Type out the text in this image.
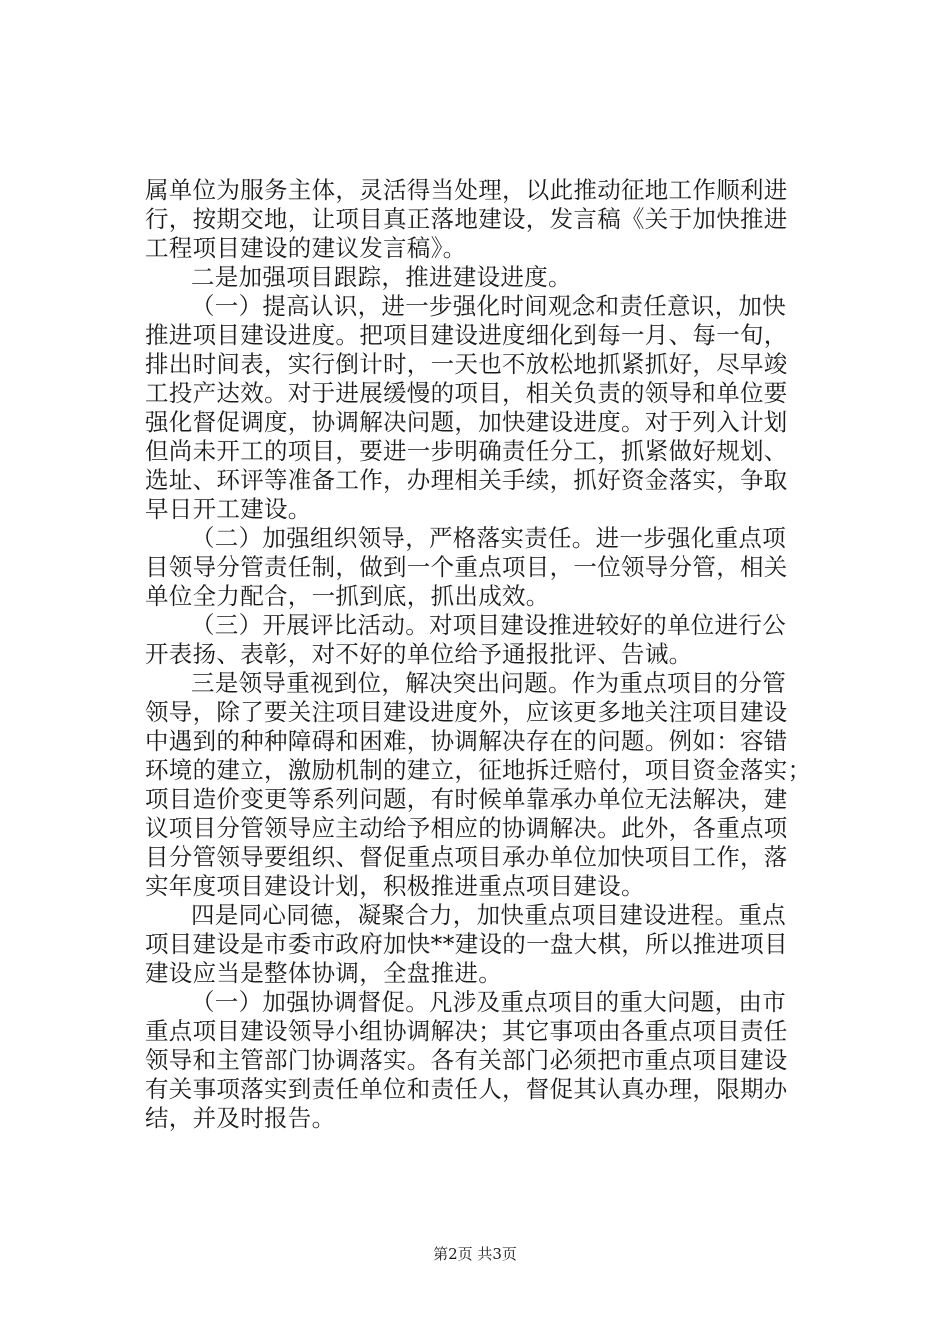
属单位为服务主体，灵活得当处理，以此推动征地工作顺利进
行，按期交地，让项目真正落地建设，发言稿《关于加快推进
工程项目建设的建议发言稿》。
二是加强项目跟踪，推进建设进度。
（一）提高认识，进一步强化时间观念和责任意识，加快
推进项目建设进度。把项目建设进度细化到每一月、每一旬，
排出时间表，实行倒计时，一天也不放松地抓紧抓好，尽早竣
工投产达效。对于进展缓慢的项目，相关负责的领导和单位要
强化督促调度，协调解决问题，加快建设进度。对于列入计划
但尚未开工的项目，要进一步明确责任分工，抓紧做好规划、
选址、环评等准备工作，办理相关手续，抓好资金落实，争取
早日开工建设。
（二）加强组织领导，严格落实责任。进一步强化重点项
目领导分管责任制，做到一个重点项目，一位领导分管，相关
单位全力配合，一抓到底，抓出成效。
（三）开展评比活动。对项目建设推进较好的单位进行公
开表扬、表彰，对不好的单位给予通报批评、告诫。
三是领导重视到位，解决突出问题。作为重点项目的分管
领导，除了要关注项目建设进度外，应该更多地关注项目建设
中遇到的种种障碍和困难，协调解决存在的问题。例如：容错
环境的建立，激励机制的建立，征地拆迁赔付，项目资金落实；
项目造价变更等系列问题，有时候单靠承办单位无法解决，建
议项目分管领导应主动给予相应的协调解决。此外，各重点项
目分管领导要组织、督促重点项目承办单位加快项目工作，落
实年度项目建设计划，积极推进重点项目建设。
四是同心同德，凝聚合力，加快重点项目建设进程。重点
项目建设是市委市政府加快**建设的一盘大棋，所以推进项目
建设应当是整体协调，全盘推进。
（一）加强协调督促。凡涉及重点项目的重大问题，由市
重点项目建设领导小组协调解决；其它事项由各重点项目责任
领导和主管部门协调落实。各有关部门必须把市重点项目建设
有关事项落实到责任单位和责任人，督促其认真办理，限期办
结，并及时报告。
第2页 共3页
